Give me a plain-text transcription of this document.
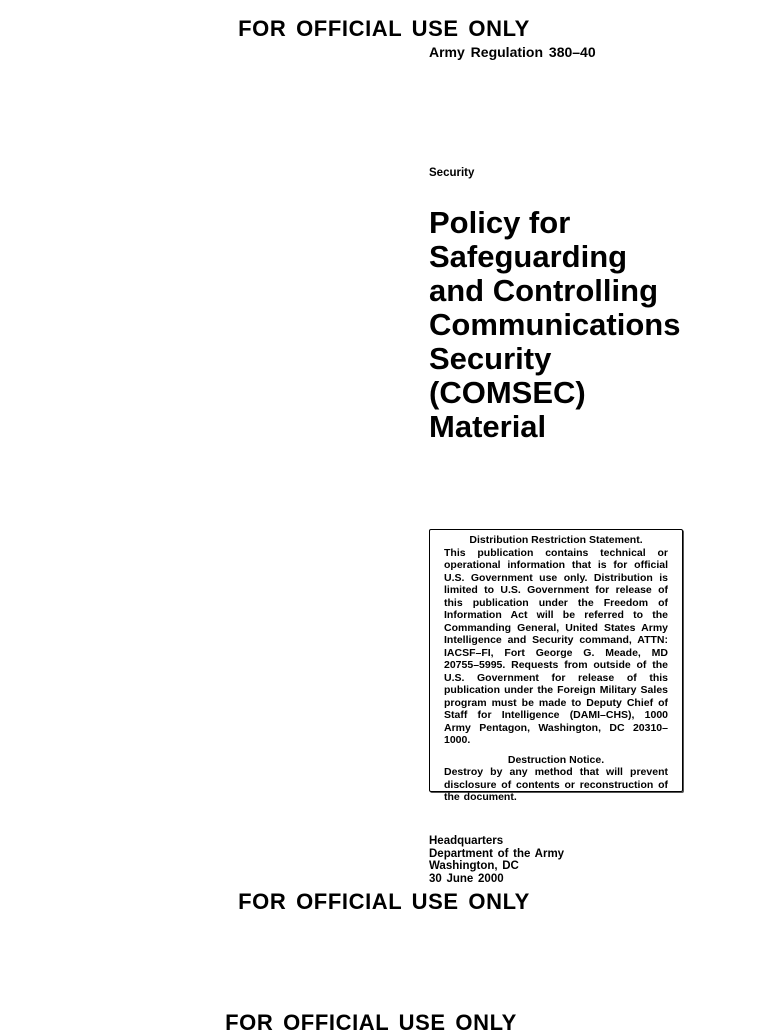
FOR OFFICIAL USE ONLY
Army Regulation 380–40
Security
Policy for
Safeguarding
and Controlling
Communications
Security
(COMSEC)
Material
Distribution Restriction Statement.
This publication contains technical or operational information that is for official U.S. Government use only. Distribution is limited to U.S. Government for release of this publication under the Freedom of Information Act will be referred to the Commanding General, United States Army Intelligence and Security command, ATTN: IACSF–FI, Fort George G. Meade, MD 20755–5995. Requests from outside of the U.S. Government for release of this publication under the Foreign Military Sales program must be made to Deputy Chief of Staff for Intelligence (DAMI–CHS), 1000 Army Pentagon, Washington, DC 20310–1000.
Destruction Notice.
Destroy by any method that will prevent disclosure of contents or reconstruction of the document.
Headquarters
Department of the Army
Washington, DC
30 June 2000
FOR OFFICIAL USE ONLY
FOR OFFICIAL USE ONLY
